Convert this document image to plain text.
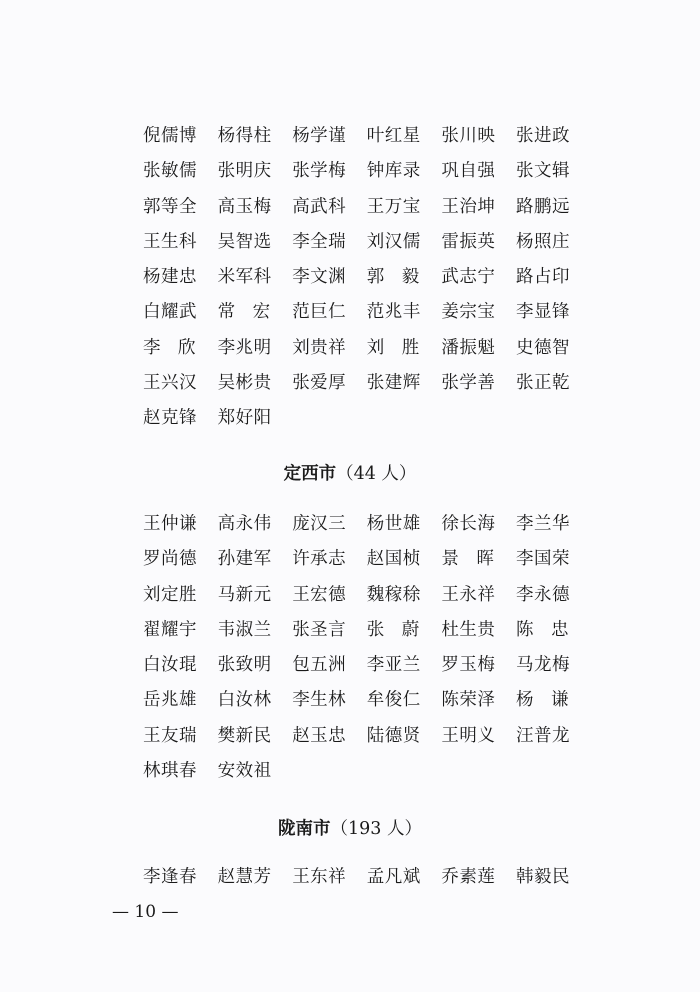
倪儒博	杨得柱	杨学谨	叶红星	张川映	张进政
张敏儒	张明庆	张学梅	钟库录	巩自强	张文辑
郭等全	高玉梅	高武科	王万宝	王治坤	路鹏远
王生科	吴智选	李全瑞	刘汉儒	雷振英	杨照庄
杨建忠	米军科	李文渊	郭　毅	武志宁	路占印
白耀武	常　宏	范巨仁	范兆丰	姜宗宝	李显锋
李　欣	李兆明	刘贵祥	刘　胜	潘振魁	史德智
王兴汉	吴彬贵	张爱厚	张建辉	张学善	张正乾
赵克锋	郑好阳
定西市（44 人）
王仲谦	高永伟	庞汉三	杨世雄	徐长海	李兰华
罗尚德	孙建军	许承志	赵国桢	景　晖	李国荣
刘定胜	马新元	王宏德	魏稼稌	王永祥	李永德
翟耀宇	韦淑兰	张圣言	张　蔚	杜生贵	陈　忠
白汝琨	张致明	包五洲	李亚兰	罗玉梅	马龙梅
岳兆雄	白汝林	李生林	牟俊仁	陈荣泽	杨　谦
王友瑞	樊新民	赵玉忠	陆德贤	王明义	汪普龙
林琪春	安效祖
陇南市（193 人）
李逢春	赵慧芳	王东祥	孟凡斌	乔素莲	韩毅民
— 10 —
